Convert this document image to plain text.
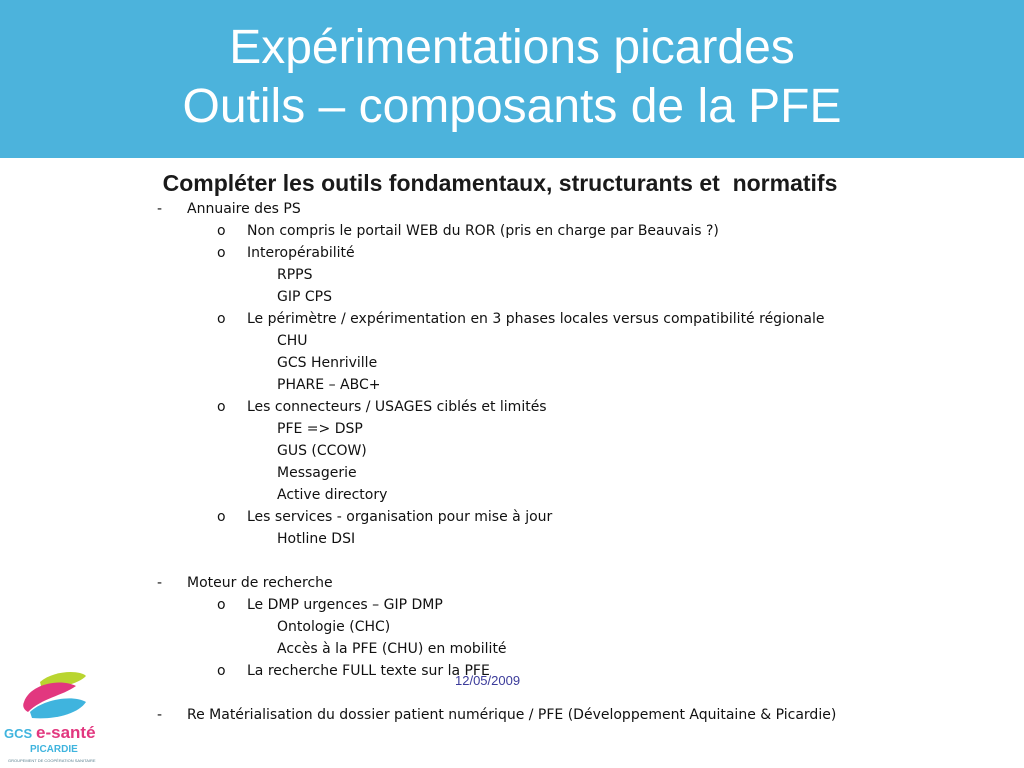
Expérimentations picardes
Outils – composants de la PFE
Compléter les outils fondamentaux, structurants et  normatifs
- Annuaire des PS
o Non compris le portail WEB du ROR (pris en charge par Beauvais ?)
o Interopérabilité
RPPS
GIP CPS
o Le périmètre / expérimentation en 3 phases locales versus compatibilité régionale
CHU
GCS Henriville
PHARE – ABC+
o Les connecteurs / USAGES ciblés et limités
PFE => DSP
GUS (CCOW)
Messagerie
Active directory
o Les services - organisation pour mise à jour
Hotline DSI
- Moteur de recherche
o Le DMP urgences – GIP DMP
Ontologie (CHC)
Accès à la PFE (CHU) en mobilité
o La recherche FULL texte sur la PFE
- Re Matérialisation du dossier patient numérique / PFE (Développement Aquitaine & Picardie)
12/05/2009
GCS e-santé
PICARDIE
GROUPEMENT DE COOPÉRATION SANITAIRE
